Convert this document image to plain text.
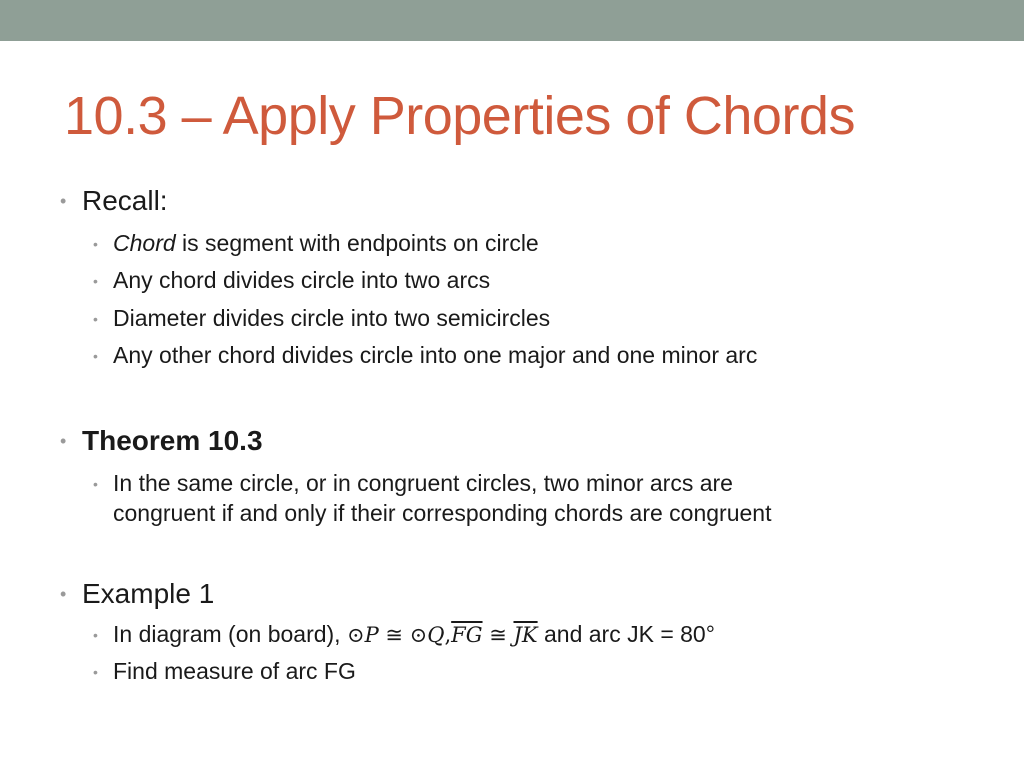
10.3 – Apply Properties of Chords
• Recall:
• Chord is segment with endpoints on circle
• Any chord divides circle into two arcs
• Diameter divides circle into two semicircles
• Any other chord divides circle into one major and one minor arc
• Theorem 10.3
• In the same circle, or in congruent circles, two minor arcs are
congruent if and only if their corresponding chords are congruent
• Example 1
• In diagram (on board), ⊙P ≅ $⊙Q,\overline{FG}$ ≅ $\overline{JK}$ and arc JK = 80°
• Find measure of arc FG
